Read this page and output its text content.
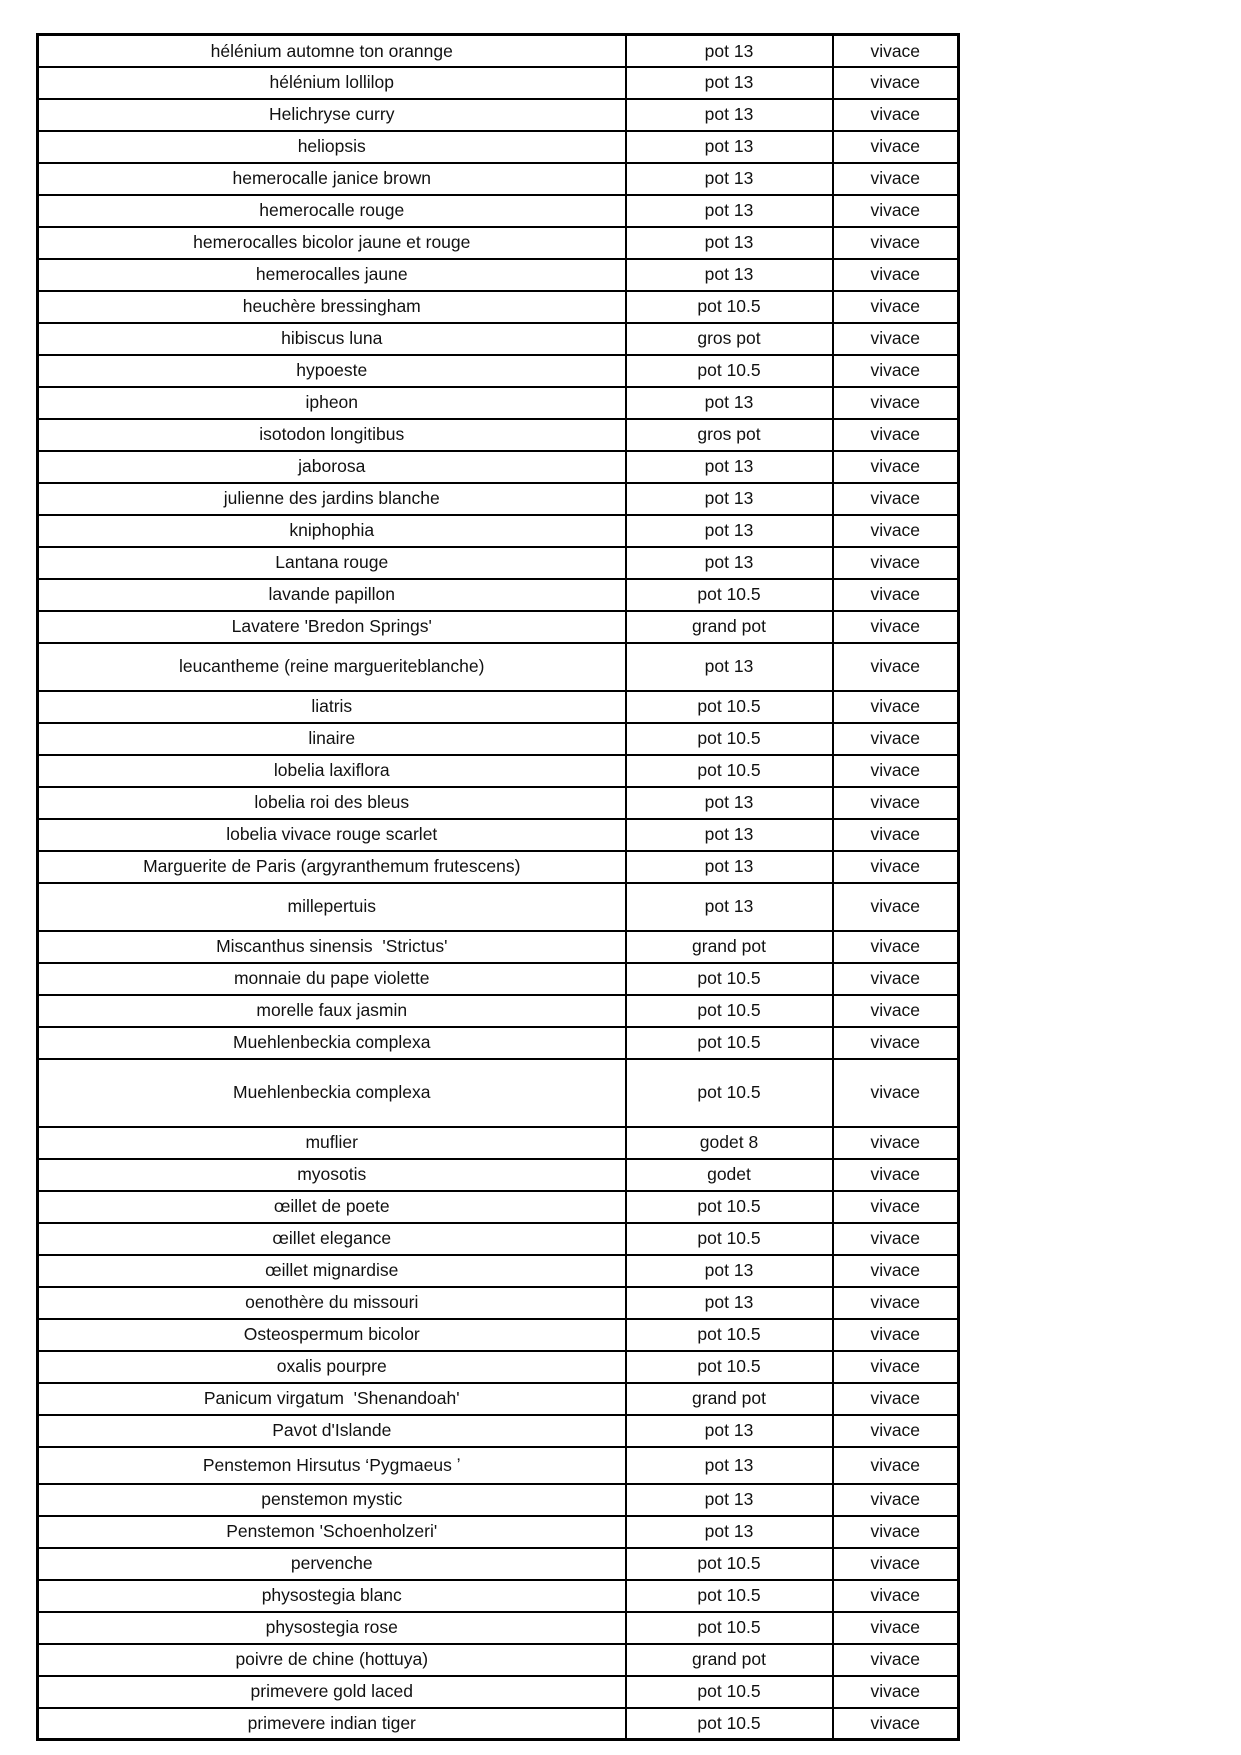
hélénium automne ton orannge	pot 13	vivace
hélénium lollilop	pot 13	vivace
Helichryse curry	pot 13	vivace
heliopsis	pot 13	vivace
hemerocalle janice brown	pot 13	vivace
hemerocalle rouge	pot 13	vivace
hemerocalles bicolor jaune et rouge	pot 13	vivace
hemerocalles jaune	pot 13	vivace
heuchère bressingham	pot 10.5	vivace
hibiscus luna	gros pot	vivace
hypoeste	pot 10.5	vivace
ipheon	pot 13	vivace
isotodon longitibus	gros pot	vivace
jaborosa	pot 13	vivace
julienne des jardins blanche	pot 13	vivace
kniphophia	pot 13	vivace
Lantana rouge	pot 13	vivace
lavande papillon	pot 10.5	vivace
Lavatere 'Bredon Springs'	grand pot	vivace
leucantheme (reine margueriteblanche)	pot 13	vivace
liatris	pot 10.5	vivace
linaire	pot 10.5	vivace
lobelia laxiflora	pot 10.5	vivace
lobelia roi des bleus	pot 13	vivace
lobelia vivace rouge scarlet	pot 13	vivace
Marguerite de Paris (argyranthemum frutescens)	pot 13	vivace
millepertuis	pot 13	vivace
Miscanthus sinensis  'Strictus'	grand pot	vivace
monnaie du pape violette	pot 10.5	vivace
morelle faux jasmin	pot 10.5	vivace
Muehlenbeckia complexa	pot 10.5	vivace
Muehlenbeckia complexa	pot 10.5	vivace
muflier	godet 8	vivace
myosotis	godet	vivace
œillet de poete	pot 10.5	vivace
œillet elegance	pot 10.5	vivace
œillet mignardise	pot 13	vivace
oenothère du missouri	pot 13	vivace
Osteospermum bicolor	pot 10.5	vivace
oxalis pourpre	pot 10.5	vivace
Panicum virgatum  'Shenandoah'	grand pot	vivace
Pavot d'Islande	pot 13	vivace
Penstemon Hirsutus ‘Pygmaeus ʼ	pot 13	vivace
penstemon mystic	pot 13	vivace
Penstemon 'Schoenholzeri'	pot 13	vivace
pervenche	pot 10.5	vivace
physostegia blanc	pot 10.5	vivace
physostegia rose	pot 10.5	vivace
poivre de chine (hottuya)	grand pot	vivace
primevere gold laced	pot 10.5	vivace
primevere indian tiger	pot 10.5	vivace
